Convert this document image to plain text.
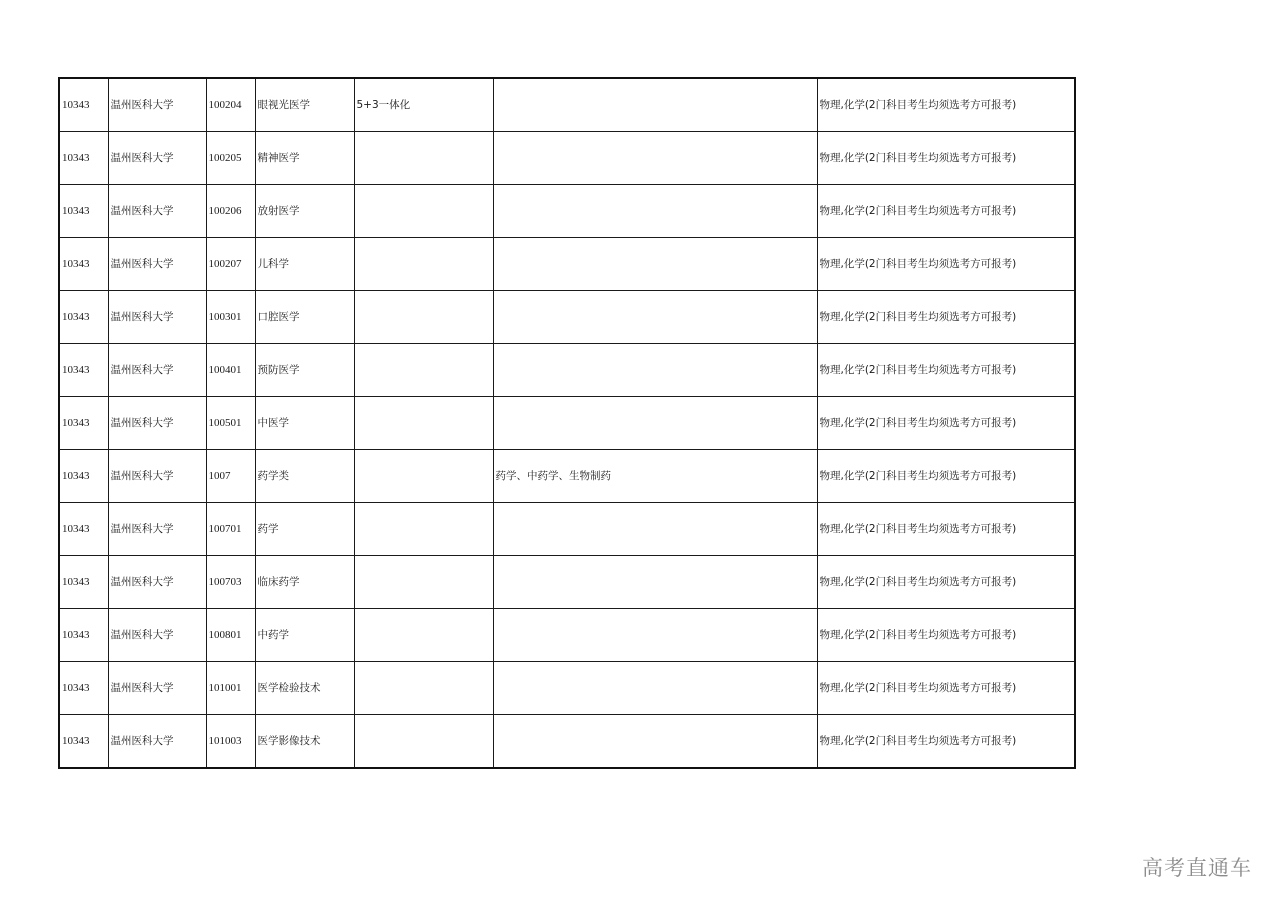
10343	温州医科大学	100204	眼视光医学	5+3一体化		物理,化学(2门科目考生均须选考方可报考)
10343	温州医科大学	100205	精神医学			物理,化学(2门科目考生均须选考方可报考)
10343	温州医科大学	100206	放射医学			物理,化学(2门科目考生均须选考方可报考)
10343	温州医科大学	100207	儿科学			物理,化学(2门科目考生均须选考方可报考)
10343	温州医科大学	100301	口腔医学			物理,化学(2门科目考生均须选考方可报考)
10343	温州医科大学	100401	预防医学			物理,化学(2门科目考生均须选考方可报考)
10343	温州医科大学	100501	中医学			物理,化学(2门科目考生均须选考方可报考)
10343	温州医科大学	1007	药学类		药学、中药学、生物制药	物理,化学(2门科目考生均须选考方可报考)
10343	温州医科大学	100701	药学			物理,化学(2门科目考生均须选考方可报考)
10343	温州医科大学	100703	临床药学			物理,化学(2门科目考生均须选考方可报考)
10343	温州医科大学	100801	中药学			物理,化学(2门科目考生均须选考方可报考)
10343	温州医科大学	101001	医学检验技术			物理,化学(2门科目考生均须选考方可报考)
10343	温州医科大学	101003	医学影像技术			物理,化学(2门科目考生均须选考方可报考)
高考直通车
